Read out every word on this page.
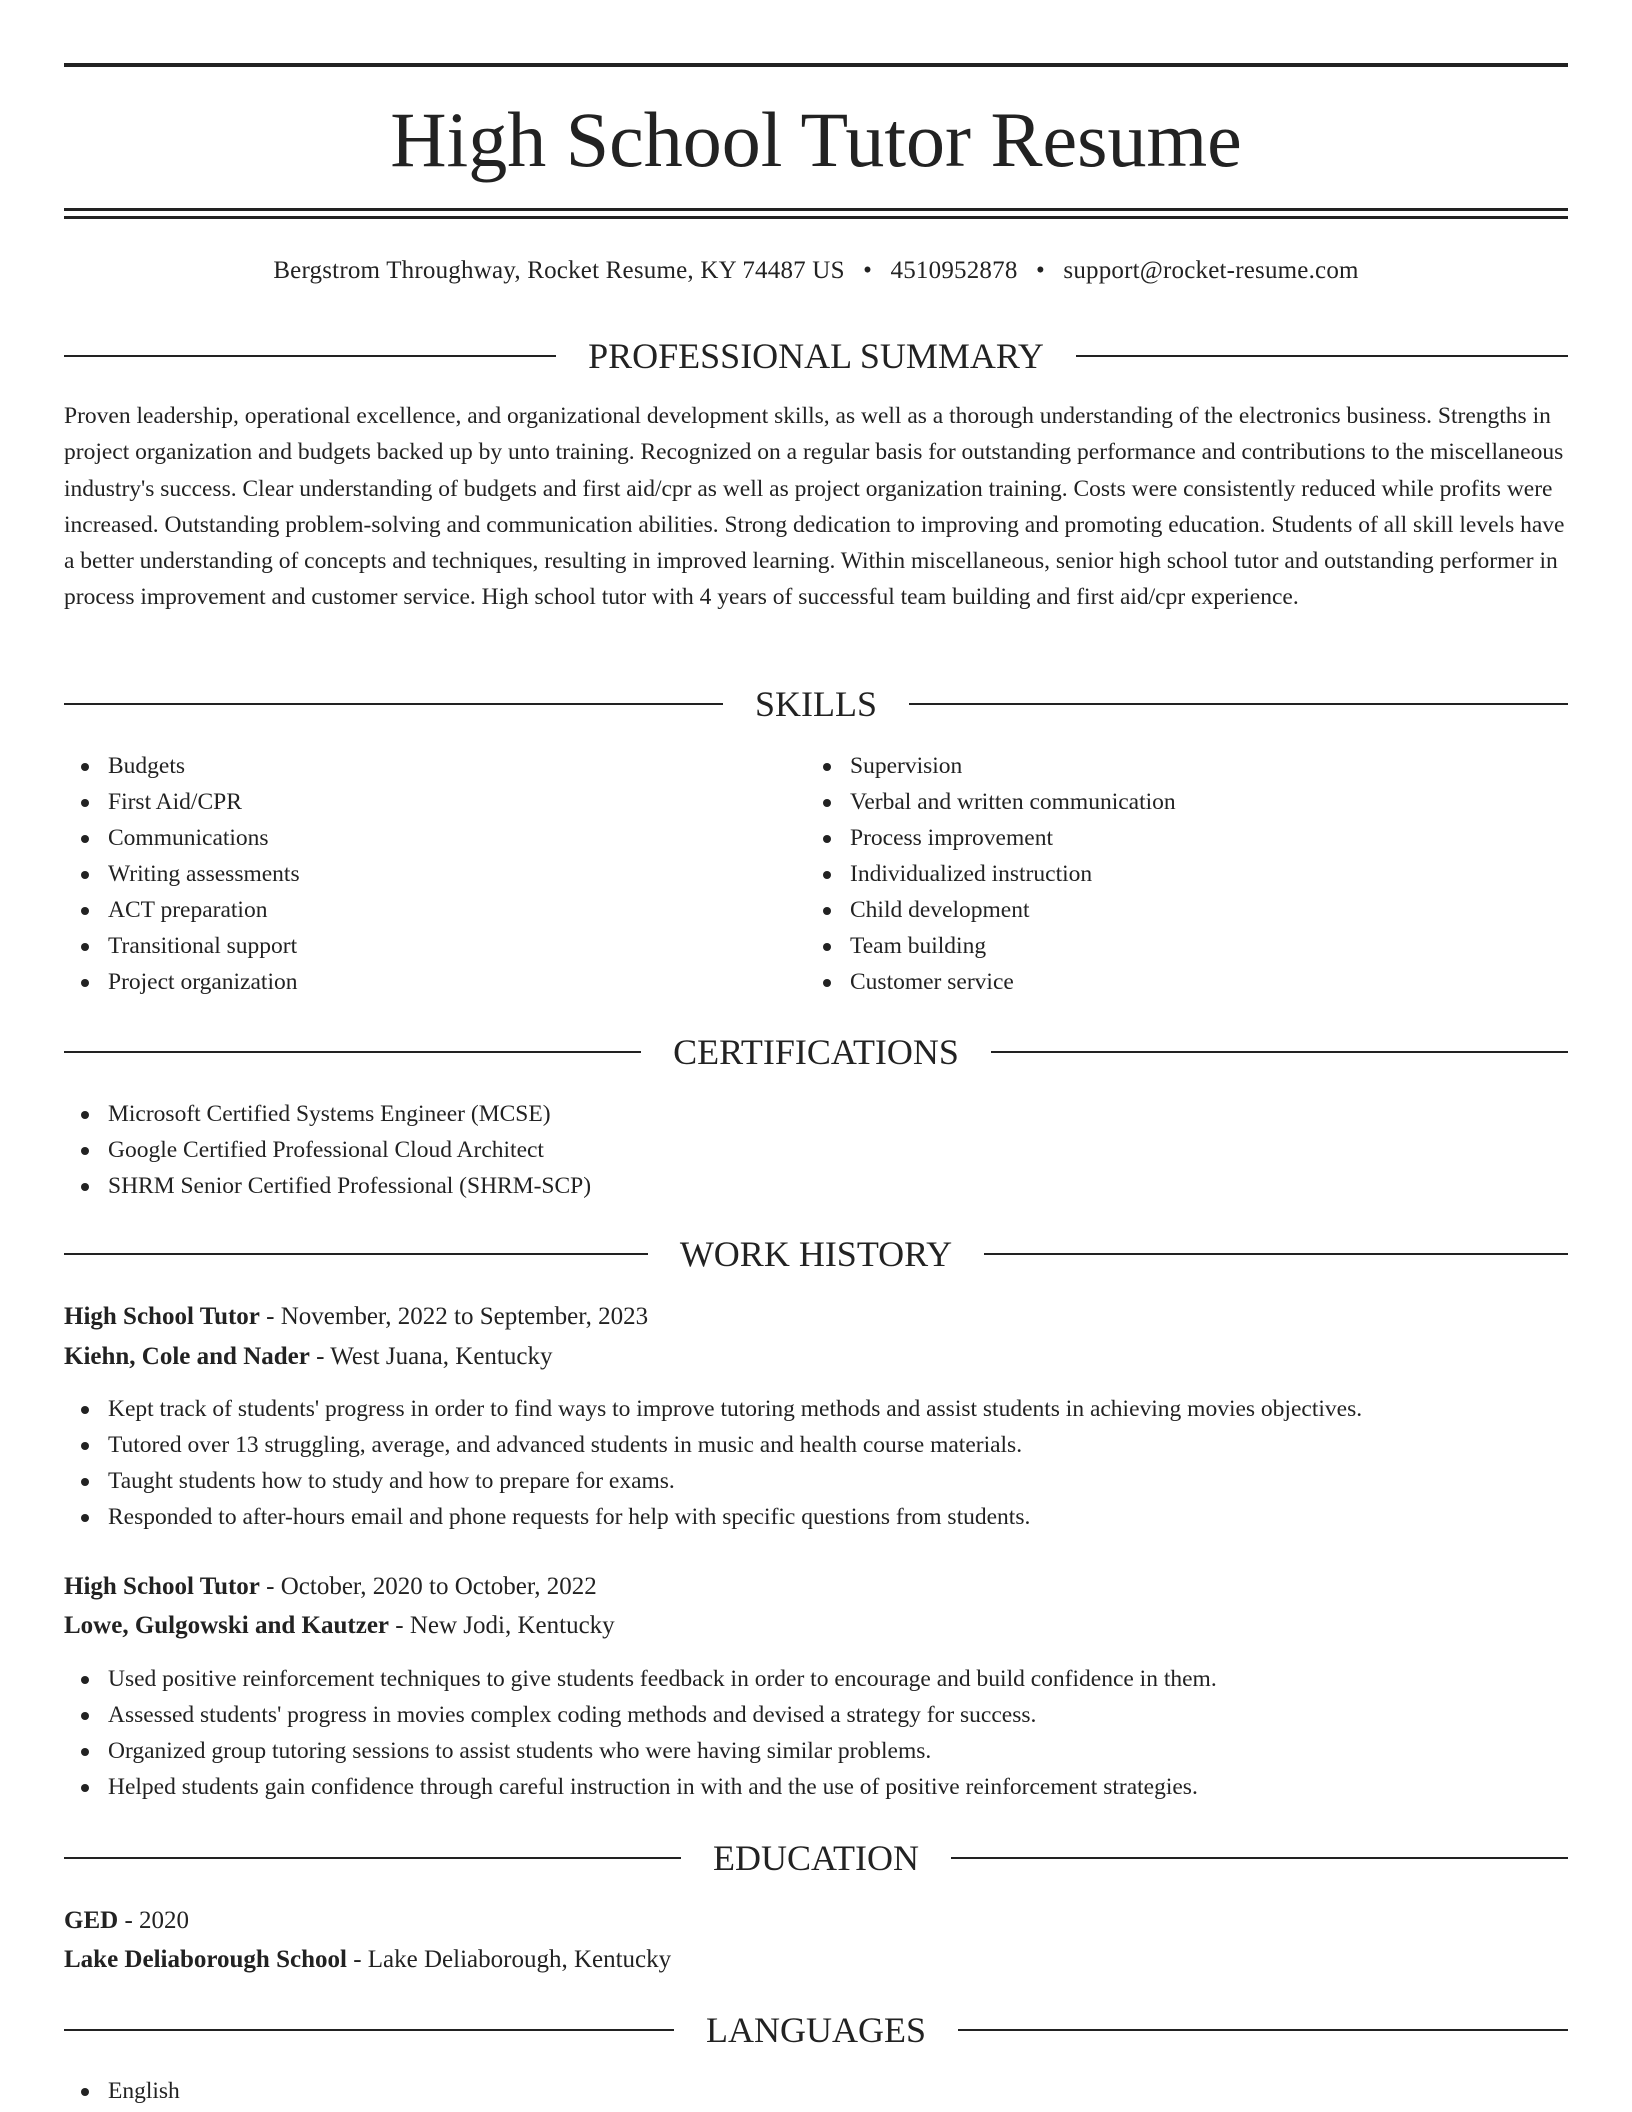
High School Tutor Resume
Bergstrom Throughway, Rocket Resume, KY 74487 US • 4510952878 • support@rocket-resume.com
PROFESSIONAL SUMMARY

Proven leadership, operational excellence, and organizational development skills, as well as a thorough understanding of the electronics business. Strengths in project organization and budgets backed up by unto training. Recognized on a regular basis for outstanding performance and contributions to the miscellaneous industry's success. Clear understanding of budgets and first aid/cpr as well as project organization training. Costs were consistently reduced while profits were increased. Outstanding problem-solving and communication abilities. Strong dedication to improving and promoting education. Students of all skill levels have a better understanding of concepts and techniques, resulting in improved learning. Within miscellaneous, senior high school tutor and outstanding performer in process improvement and customer service. High school tutor with 4 years of successful team building and first aid/cpr experience.

SKILLS
Budgets
First Aid/CPR
Communications
Writing assessments
ACT preparation
Transitional support
Project organization
Supervision
Verbal and written communication
Process improvement
Individualized instruction
Child development
Team building
Customer service
CERTIFICATIONS
Microsoft Certified Systems Engineer (MCSE)
Google Certified Professional Cloud Architect
SHRM Senior Certified Professional (SHRM-SCP)
WORK HISTORY
High School Tutor - November, 2022 to September, 2023
Kiehn, Cole and Nader - West Juana, Kentucky
Kept track of students' progress in order to find ways to improve tutoring methods and assist students in achieving movies objectives.
Tutored over 13 struggling, average, and advanced students in music and health course materials.
Taught students how to study and how to prepare for exams.
Responded to after-hours email and phone requests for help with specific questions from students.
High School Tutor - October, 2020 to October, 2022
Lowe, Gulgowski and Kautzer - New Jodi, Kentucky
Used positive reinforcement techniques to give students feedback in order to encourage and build confidence in them.
Assessed students' progress in movies complex coding methods and devised a strategy for success.
Organized group tutoring sessions to assist students who were having similar problems.
Helped students gain confidence through careful instruction in with and the use of positive reinforcement strategies.
EDUCATION
GED - 2020
Lake Deliaborough School - Lake Deliaborough, Kentucky
LANGUAGES
English
